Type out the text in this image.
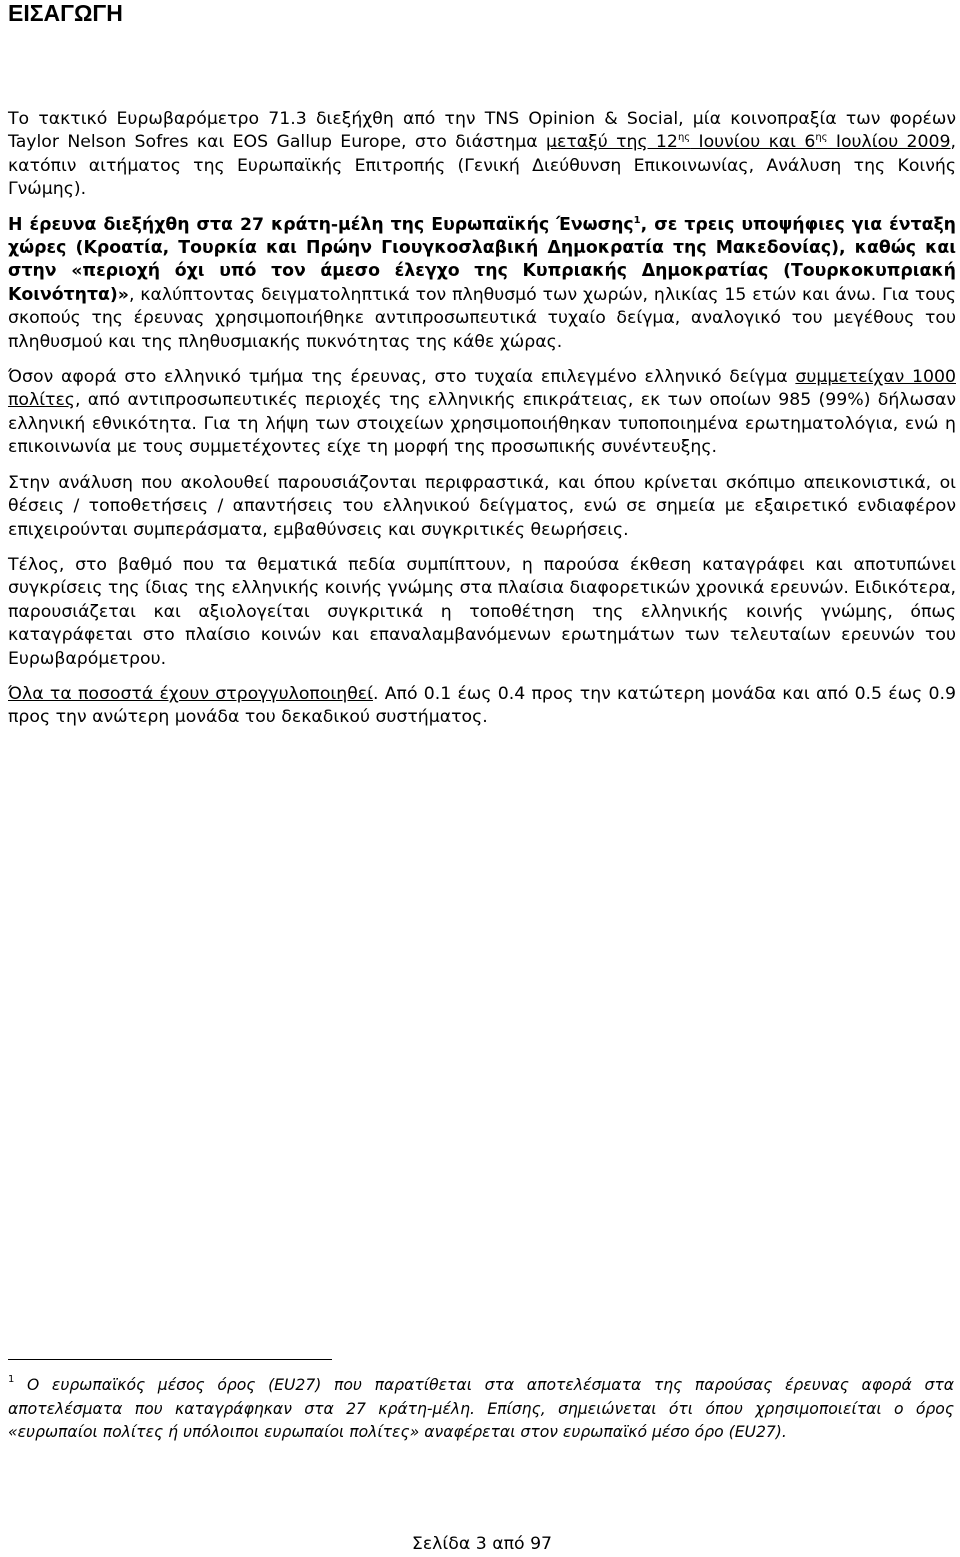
ΕΙΣΑΓΩΓΗ

Το τακτικό Ευρωβαρόμετρο 71.3 διεξήχθη από την TNS Opinion & Social, μία κοινοπραξία των φορέων Taylor Nelson Sofres και EOS Gallup Europe, στο διάστημα μεταξύ της $12^{\eta\varsigma}$ Ιουνίου και $6^{\eta\varsigma}$ Ιουλίου 2009, κατόπιν αιτήματος της Ευρωπαϊκής Επιτροπής (Γενική Διεύθυνση Επικοινωνίας, Ανάλυση της Κοινής Γνώμης).

Η έρευνα διεξήχθη στα 27 κράτη-μέλη της Ευρωπαϊκής Ένωσης$^1$, σε τρεις υποψήφιες για ένταξη χώρες (Κροατία, Τουρκία και Πρώην Γιουγκοσλαβική Δημοκρατία της Μακεδονίας), καθώς και στην «περιοχή όχι υπό τον άμεσο έλεγχο της Κυπριακής Δημοκρατίας (Τουρκοκυπριακή Κοινότητα)», καλύπτοντας δειγματοληπτικά τον πληθυσμό των χωρών, ηλικίας 15 ετών και άνω. Για τους σκοπούς της έρευνας χρησιμοποιήθηκε αντιπροσωπευτικά τυχαίο δείγμα, αναλογικό του μεγέθους του πληθυσμού και της πληθυσμιακής πυκνότητας της κάθε χώρας.

Όσον αφορά στο ελληνικό τμήμα της έρευνας, στο τυχαία επιλεγμένο ελληνικό δείγμα συμμετείχαν 1000 πολίτες, από αντιπροσωπευτικές περιοχές της ελληνικής επικράτειας, εκ των οποίων 985 (99%) δήλωσαν ελληνική εθνικότητα. Για τη λήψη των στοιχείων χρησιμοποιήθηκαν τυποποιημένα ερωτηματολόγια, ενώ η επικοινωνία με τους συμμετέχοντες είχε τη μορφή της προσωπικής συνέντευξης.

Στην ανάλυση που ακολουθεί παρουσιάζονται περιφραστικά, και όπου κρίνεται σκόπιμο απεικονιστικά, οι θέσεις / τοποθετήσεις / απαντήσεις του ελληνικού δείγματος, ενώ σε σημεία με εξαιρετικό ενδιαφέρον επιχειρούνται συμπεράσματα, εμβαθύνσεις και συγκριτικές θεωρήσεις.

Τέλος, στο βαθμό που τα θεματικά πεδία συμπίπτουν, η παρούσα έκθεση καταγράφει και αποτυπώνει συγκρίσεις της ίδιας της ελληνικής κοινής γνώμης στα πλαίσια διαφορετικών χρονικά ερευνών. Ειδικότερα, παρουσιάζεται και αξιολογείται συγκριτικά η τοποθέτηση της ελληνικής κοινής γνώμης, όπως καταγράφεται στο πλαίσιο κοινών και επαναλαμβανόμενων ερωτημάτων των τελευταίων ερευνών του Ευρωβαρόμετρου.

Όλα τα ποσοστά έχουν στρογγυλοποιηθεί. Από 0.1 έως 0.4 προς την κατώτερη μονάδα και από 0.5 έως 0.9 προς την ανώτερη μονάδα του δεκαδικού συστήματος.

$^1$ Ο ευρωπαϊκός μέσος όρος (EU27) που παρατίθεται στα αποτελέσματα της παρούσας έρευνας αφορά στα αποτελέσματα που καταγράφηκαν στα 27 κράτη-μέλη. Επίσης, σημειώνεται ότι όπου χρησιμοποιείται ο όρος «ευρωπαίοι πολίτες ή υπόλοιποι ευρωπαίοι πολίτες» αναφέρεται στον ευρωπαϊκό μέσο όρο (EU27).
Σελίδα 3 από 97
